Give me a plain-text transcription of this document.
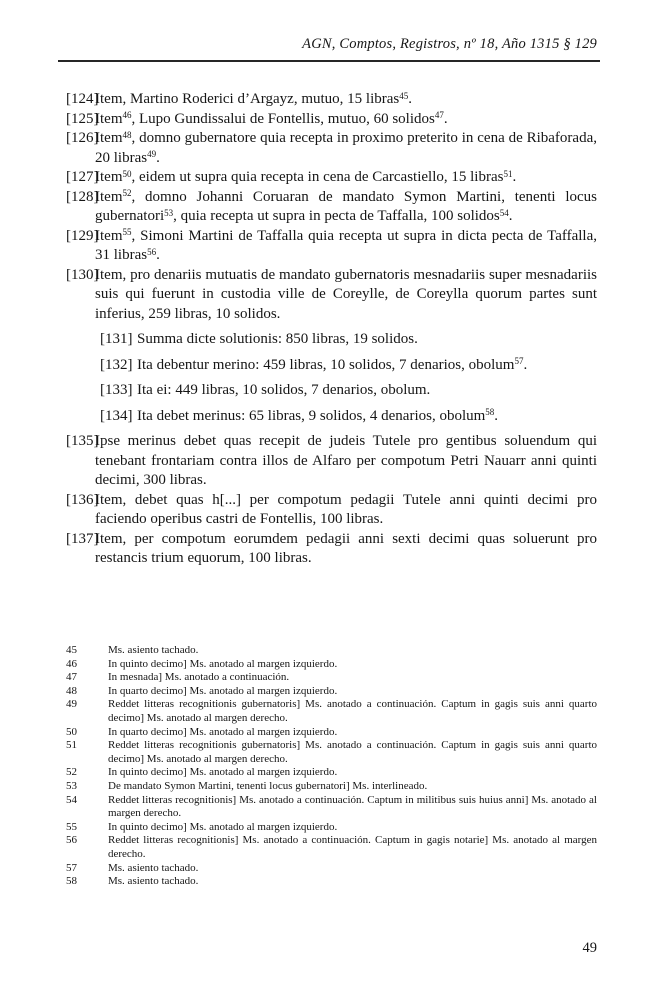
AGN, Comptos, Registros, nº 18, Año 1315 § 129
[124]
Item, Martino Roderici d’Argayz, mutuo, 15 libras$^{45}$.
[125]
Item$^{46}$, Lupo Gundissalui de Fontellis, mutuo, 60 solidos$^{47}$.
[126]
Item$^{48}$, domno gubernatore quia recepta in proximo preterito in cena de Ribaforada, 20 libras$^{49}$.
[127]
Item$^{50}$, eidem ut supra quia recepta in cena de Carcastiello, 15 libras$^{51}$.
[128]
Item$^{52}$, domno Johanni Coruaran de mandato Symon Martini, tenenti locus gubernatori$^{53}$, quia recepta ut supra in pecta de Taffalla, 100 solidos$^{54}$.
[129]
Item$^{55}$, Simoni Martini de Taffalla quia recepta ut supra in dicta pecta de Taffalla, 31 libras$^{56}$.
[130]
Item, pro denariis mutuatis de mandato gubernatoris mesnadariis super mesnadariis suis qui fuerunt in custodia ville de Coreylle, de Coreylla quorum partes sunt inferius, 259 libras, 10 solidos.
[131] Summa dicte solutionis: 850 libras, 19 solidos.
[132] Ita debentur merino: 459 libras, 10 solidos, 7 denarios, obolum$^{57}$.
[133] Ita ei: 449 libras, 10 solidos, 7 denarios, obolum.
[134] Ita debet merinus: 65 libras, 9 solidos, 4 denarios, obolum$^{58}$.
[135]
Ipse merinus debet quas recepit de judeis Tutele pro gentibus soluendum qui tenebant frontariam contra illos de Alfaro per compotum Petri Nauarr anni quinti decimi, 300 libras.
[136]
Item, debet quas h[...] per compotum pedagii Tutele anni quinti decimi pro faciendo operibus castri de Fontellis, 100 libras.
[137]
Item, per compotum eorumdem pedagii anni sexti decimi quas soluerunt pro restancis trium equorum, 100 libras.
45	Ms. asiento tachado.
46	In quinto decimo] Ms. anotado al margen izquierdo.
47	In mesnada] Ms. anotado a continuación.
48	In quarto decimo] Ms. anotado al margen izquierdo.
49	Reddet litteras recognitionis gubernatoris] Ms. anotado a continuación. Captum in gagis suis anni quarto decimo] Ms. anotado al margen derecho.
50	In quarto decimo] Ms. anotado al margen izquierdo.
51	Reddet litteras recognitionis gubernatoris] Ms. anotado a continuación. Captum in gagis suis anni quarto decimo] Ms. anotado al margen derecho.
52	In quinto decimo] Ms. anotado al margen izquierdo.
53	De mandato Symon Martini, tenenti locus gubernatori] Ms. interlineado.
54	Reddet litteras recognitionis] Ms. anotado a continuación. Captum in militibus suis huius anni] Ms. anotado al margen derecho.
55	In quinto decimo] Ms. anotado al margen izquierdo.
56	Reddet litteras recognitionis] Ms. anotado a continuación. Captum in gagis notarie] Ms. anotado al margen derecho.
57	Ms. asiento tachado.
58	Ms. asiento tachado.
49
